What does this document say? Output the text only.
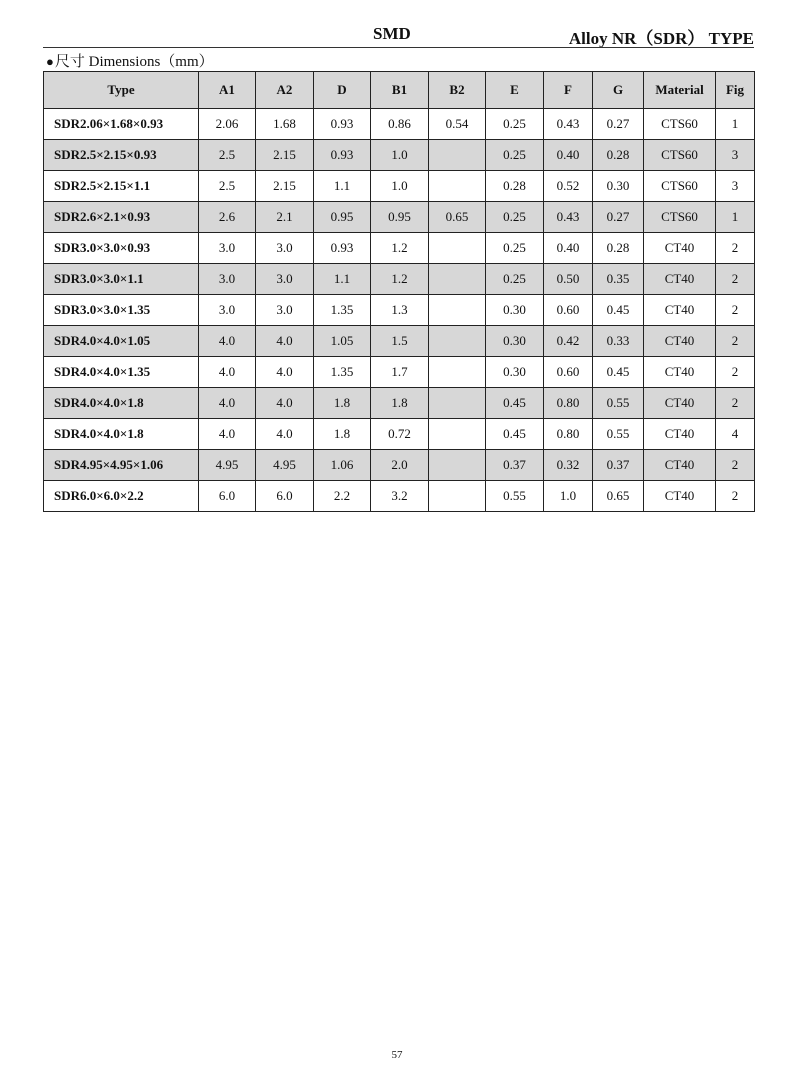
SMD	Alloy NR（SDR） TYPE
●尺寸 Dimensions（mm）
Type	A1	A2	D	B1	B2	E	F	G	Material	Fig
SDR2.06×1.68×0.93	2.06	1.68	0.93	0.86	0.54	0.25	0.43	0.27	CTS60	1
SDR2.5×2.15×0.93	2.5	2.15	0.93	1.0		0.25	0.40	0.28	CTS60	3
SDR2.5×2.15×1.1	2.5	2.15	1.1	1.0		0.28	0.52	0.30	CTS60	3
SDR2.6×2.1×0.93	2.6	2.1	0.95	0.95	0.65	0.25	0.43	0.27	CTS60	1
SDR3.0×3.0×0.93	3.0	3.0	0.93	1.2		0.25	0.40	0.28	CT40	2
SDR3.0×3.0×1.1	3.0	3.0	1.1	1.2		0.25	0.50	0.35	CT40	2
SDR3.0×3.0×1.35	3.0	3.0	1.35	1.3		0.30	0.60	0.45	CT40	2
SDR4.0×4.0×1.05	4.0	4.0	1.05	1.5		0.30	0.42	0.33	CT40	2
SDR4.0×4.0×1.35	4.0	4.0	1.35	1.7		0.30	0.60	0.45	CT40	2
SDR4.0×4.0×1.8	4.0	4.0	1.8	1.8		0.45	0.80	0.55	CT40	2
SDR4.0×4.0×1.8	4.0	4.0	1.8	0.72		0.45	0.80	0.55	CT40	4
SDR4.95×4.95×1.06	4.95	4.95	1.06	2.0		0.37	0.32	0.37	CT40	2
SDR6.0×6.0×2.2	6.0	6.0	2.2	3.2		0.55	1.0	0.65	CT40	2
57
